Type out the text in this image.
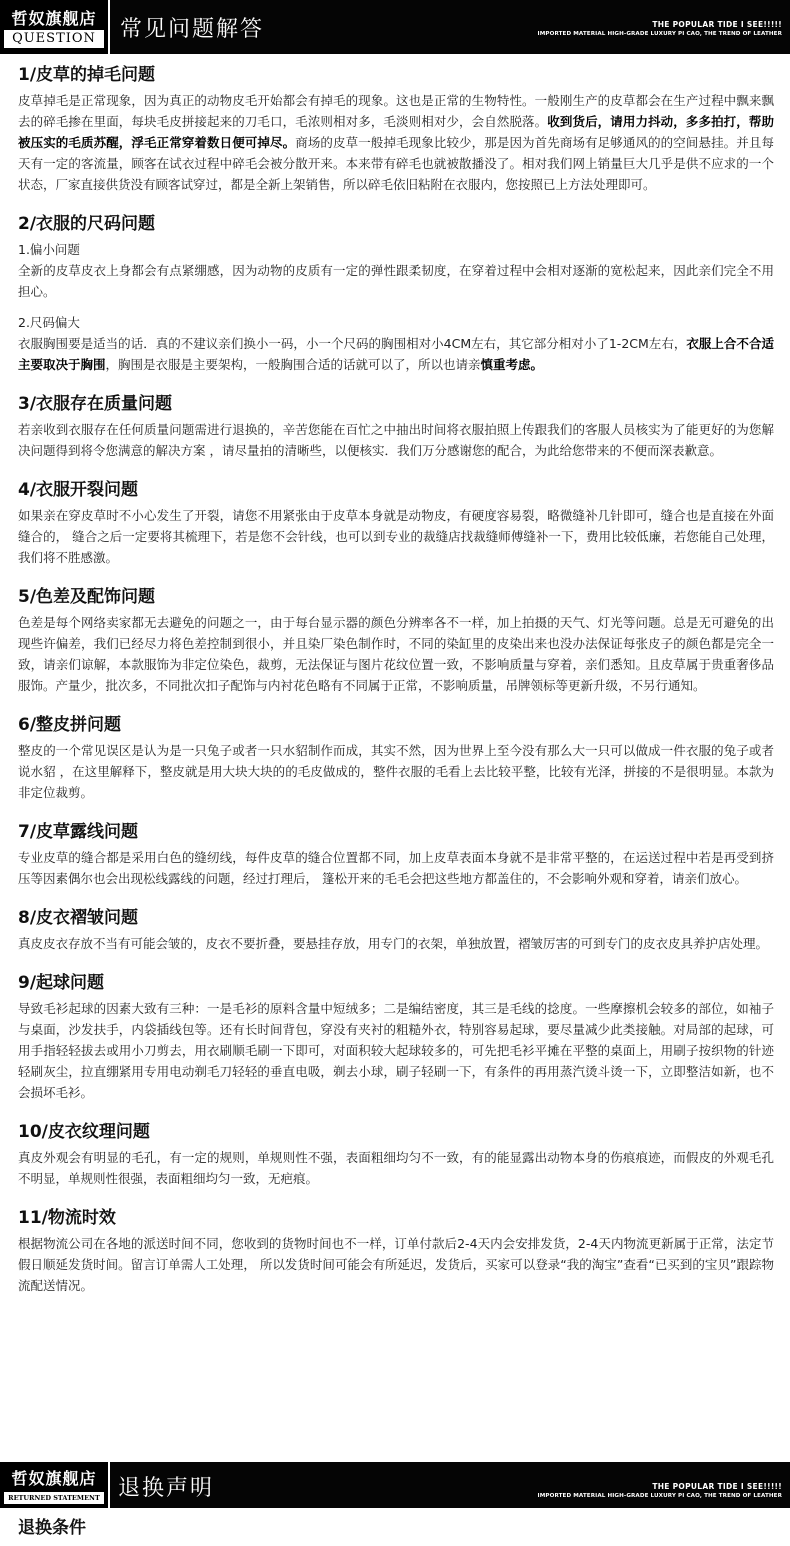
哲奴旗舰店
QUESTION	常见问题解答	THE POPULAR TIDE I SEE!!!!!
IMPORTED MATERIAL HIGH-GRADE LUXURY PI CAO, THE TREND OF LEATHER
1/皮草的掉毛问题

皮草掉毛是正常现象，因为真正的动物皮毛开始都会有掉毛的现象。这也是正常的生物特性。一般刚生产的皮草都会在生产过程中飘来飘去的碎毛掺在里面，每块毛皮拼接起来的刀毛口，毛浓则相对多，毛淡则相对少，会自然脱落。收到货后，请用力抖动，多多拍打，帮助被压实的毛质苏醒，浮毛正常穿着数日便可掉尽。商场的皮草一般掉毛现象比较少，那是因为首先商场有足够通风的的空间悬挂。并且每天有一定的客流量，顾客在试衣过程中碎毛会被分散开来。本来带有碎毛也就被散播没了。相对我们网上销量巨大几乎是供不应求的一个状态，厂家直接供货没有顾客试穿过，都是全新上架销售，所以碎毛依旧粘附在衣服内，您按照已上方法处理即可。

2/衣服的尺码问题

1.偏小问题

全新的皮草皮衣上身都会有点紧绷感，因为动物的皮质有一定的弹性跟柔韧度，在穿着过程中会相对逐渐的宽松起来，因此亲们完全不用担心。

2.尺码偏大

衣服胸围要是适当的话．真的不建议亲们换小一码，小一个尺码的胸围相对小4CM左右，其它部分相对小了1-2CM左右，衣服上合不合适主要取决于胸围，胸围是衣服是主要架构，一般胸围合适的话就可以了，所以也请亲慎重考虑。

3/衣服存在质量问题

若亲收到衣服存在任何质量问题需进行退换的，辛苦您能在百忙之中抽出时间将衣服拍照上传跟我们的客服人员核实为了能更好的为您解决问题得到将令您满意的解决方案 ，请尽量拍的清晰些，以便核实．我们万分感谢您的配合，为此给您带来的不便而深表歉意。

4/衣服开裂问题

如果亲在穿皮草时不小心发生了开裂，请您不用紧张由于皮草本身就是动物皮，有硬度容易裂，略微缝补几针即可，缝合也是直接在外面缝合的， 缝合之后一定要将其梳理下，若是您不会针线，也可以到专业的裁缝店找裁缝师傅缝补一下，费用比较低廉，若您能自己处理，我们将不胜感激。

5/色差及配饰问题

色差是每个网络卖家都无去避免的问题之一，由于每台显示器的颜色分辨率各不一样，加上拍摄的天气、灯光等问题。总是无可避免的出现些许偏差，我们已经尽力将色差控制到很小，并且染厂染色制作时，不同的染缸里的皮染出来也没办法保证每张皮子的颜色都是完全一致，请亲们谅解，本款服饰为非定位染色，裁剪，无法保证与图片花纹位置一致，不影响质量与穿着，亲们悉知。且皮草属于贵重奢侈品服饰。产量少，批次多，不同批次扣子配饰与内衬花色略有不同属于正常，不影响质量，吊牌领标等更新升级，不另行通知。

6/整皮拼问题

整皮的一个常见误区是认为是一只兔子或者一只水貂制作而成，其实不然，因为世界上至今没有那么大一只可以做成一件衣服的兔子或者说水貂 ，在这里解释下，整皮就是用大块大块的的毛皮做成的，整件衣服的毛看上去比较平整，比较有光泽，拼接的不是很明显。本款为非定位裁剪。

7/皮草露线问题

专业皮草的缝合都是采用白色的缝纫线，每件皮草的缝合位置都不同，加上皮草表面本身就不是非常平整的，在运送过程中若是再受到挤压等因素偶尔也会出现松线露线的问题，经过打理后， 篷松开来的毛毛会把这些地方都盖住的，不会影响外观和穿着，请亲们放心。

8/皮衣褶皱问题

真皮皮衣存放不当有可能会皱的，皮衣不要折叠，要悬挂存放，用专门的衣架，单独放置，褶皱厉害的可到专门的皮衣皮具养护店处理。

9/起球问题

导致毛衫起球的因素大致有三种：一是毛衫的原料含量中短绒多；二是编结密度，其三是毛线的捻度。一些摩擦机会较多的部位，如袖子与桌面，沙发扶手，内袋插线包等。还有长时间背包，穿没有夹衬的粗糙外衣，特别容易起球，要尽量减少此类接触。对局部的起球，可用手指轻轻拔去或用小刀剪去，用衣刷顺毛刷一下即可，对面积较大起球较多的，可先把毛衫平摊在平整的桌面上，用刷子按织物的针迹轻刷灰尘，拉直绷紧用专用电动剃毛刀轻轻的垂直电吸，剃去小球，刷子轻刷一下，有条件的再用蒸汽烫斗烫一下，立即整洁如新，也不会损坏毛衫。

10/皮衣纹理问题

真皮外观会有明显的毛孔，有一定的规则，单规则性不强，表面粗细均匀不一致，有的能显露出动物本身的伤痕痕迹，而假皮的外观毛孔不明显，单规则性很强，表面粗细均匀一致，无疤痕。

11/物流时效

根据物流公司在各地的派送时间不同，您收到的货物时间也不一样，订单付款后2-4天内会安排发货，2-4天内物流更新属于正常，法定节假日顺延发货时间。留言订单需人工处理， 所以发货时间可能会有所延迟，发货后，买家可以登录“我的淘宝”查看“已买到的宝贝”跟踪物流配送情况。

哲奴旗舰店
RETURNED STATEMENT 退换声明	THE POPULAR TIDE I SEE!!!!!
IMPORTED MATERIAL HIGH-GRADE LUXURY PI CAO, THE TREND OF LEATHER
退换条件
